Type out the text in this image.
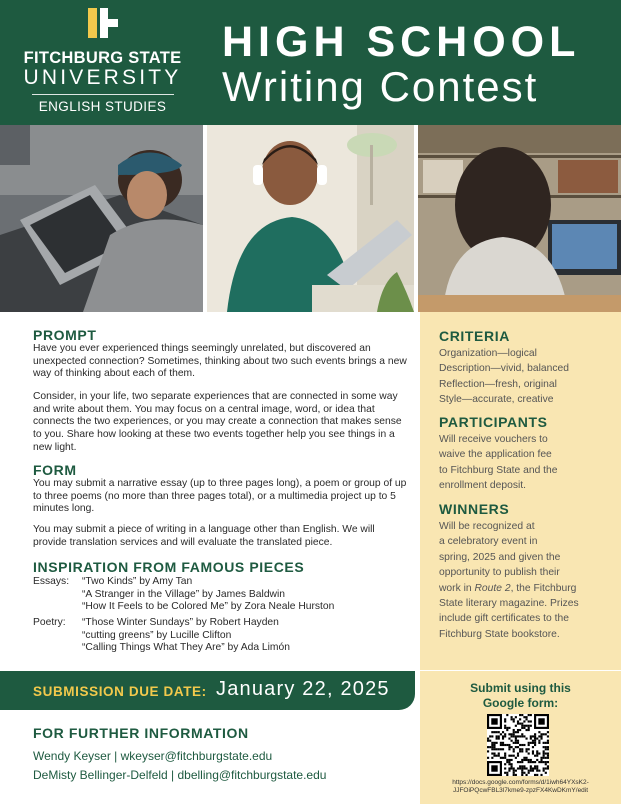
FITCHBURG STATE
UNIVERSITY
ENGLISH STUDIES
HIGH SCHOOL
Writing Contest
PROMPT

Have you ever experienced things seemingly unrelated, but discovered an unexpected connection? Sometimes, thinking about two such events brings a new way of thinking about each of them.

Consider, in your life, two separate experiences that are connected in some way and write about them. You may focus on a central image, word, or idea that connects the two experiences, or you may create a connection that makes sense to you. Share how looking at these two events together help you see things in a new light.

FORM

You may submit a narrative essay (up to three pages long), a poem or group of up to three poems (no more than three pages total), or a multimedia project up to 5 minutes long.

You may submit a piece of writing in a language other than English. We will provide translation services and will evaluate the translated piece.

INSPIRATION FROM FAMOUS PIECES
Essays: “Two Kinds” by Amy Tan
“A Stranger in the Village” by James Baldwin
“How It Feels to be Colored Me” by Zora Neale Hurston
Poetry: “Those Winter Sundays” by Robert Hayden
“cutting greens” by Lucille Clifton
“Calling Things What They Are” by Ada Limón
CRITERIA
Organization—logical
Description—vivid, balanced
Reflection—fresh, original
Style—accurate, creative
PARTICIPANTS
Will receive vouchers to
waive the application fee
to Fitchburg State and the
enrollment deposit.
WINNERS
Will be recognized at
a celebratory event in
spring, 2025 and given the
opportunity to publish their
work in Route 2, the Fitchburg
State literary magazine. Prizes
include gift certificates to the
Fitchburg State bookstore.
SUBMISSION DUE DATE: January 22, 2025	Submit using this
Google form:
https://docs.google.com/forms/d/1iwh64YXsK2-
JJFOiPQcwFBL3l7kme9-zpzFX4KwDKmY/edit
FOR FURTHER INFORMATION
Wendy Keyser | wkeyser@fitchburgstate.edu
DeMisty Bellinger-Delfeld | dbelling@fitchburgstate.edu
